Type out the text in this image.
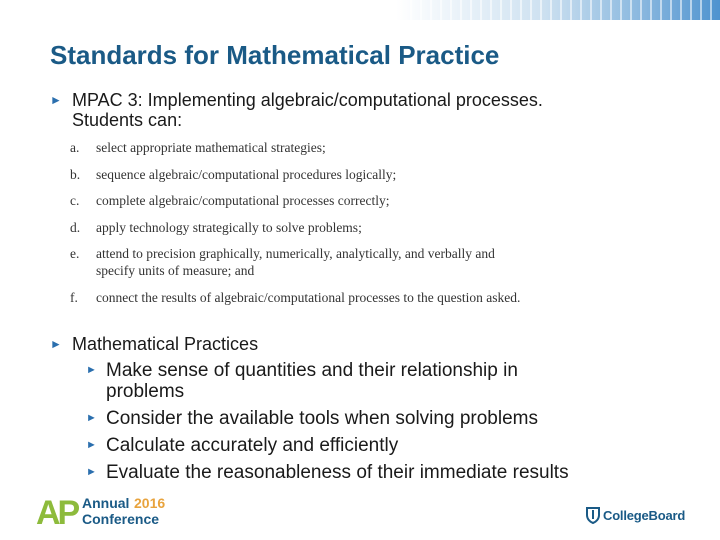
Standards for Mathematical Practice
► MPAC 3: Implementing algebraic/computational processes.
Students can:
a.	select appropriate mathematical strategies;
b.	sequence algebraic/computational procedures logically;
c.	complete algebraic/computational processes correctly;
d.	apply technology strategically to solve problems;
e.	attend to precision graphically, numerically, analytically, and verbally and
specify units of measure; and
f.	connect the results of algebraic/computational processes to the question asked.
► Mathematical Practices
► Make sense of quantities and their relationship in
problems
► Consider the available tools when solving problems
► Calculate accurately and efficiently
► Evaluate the reasonableness of their immediate results
AP Annual 2016
Conference	CollegeBoard
